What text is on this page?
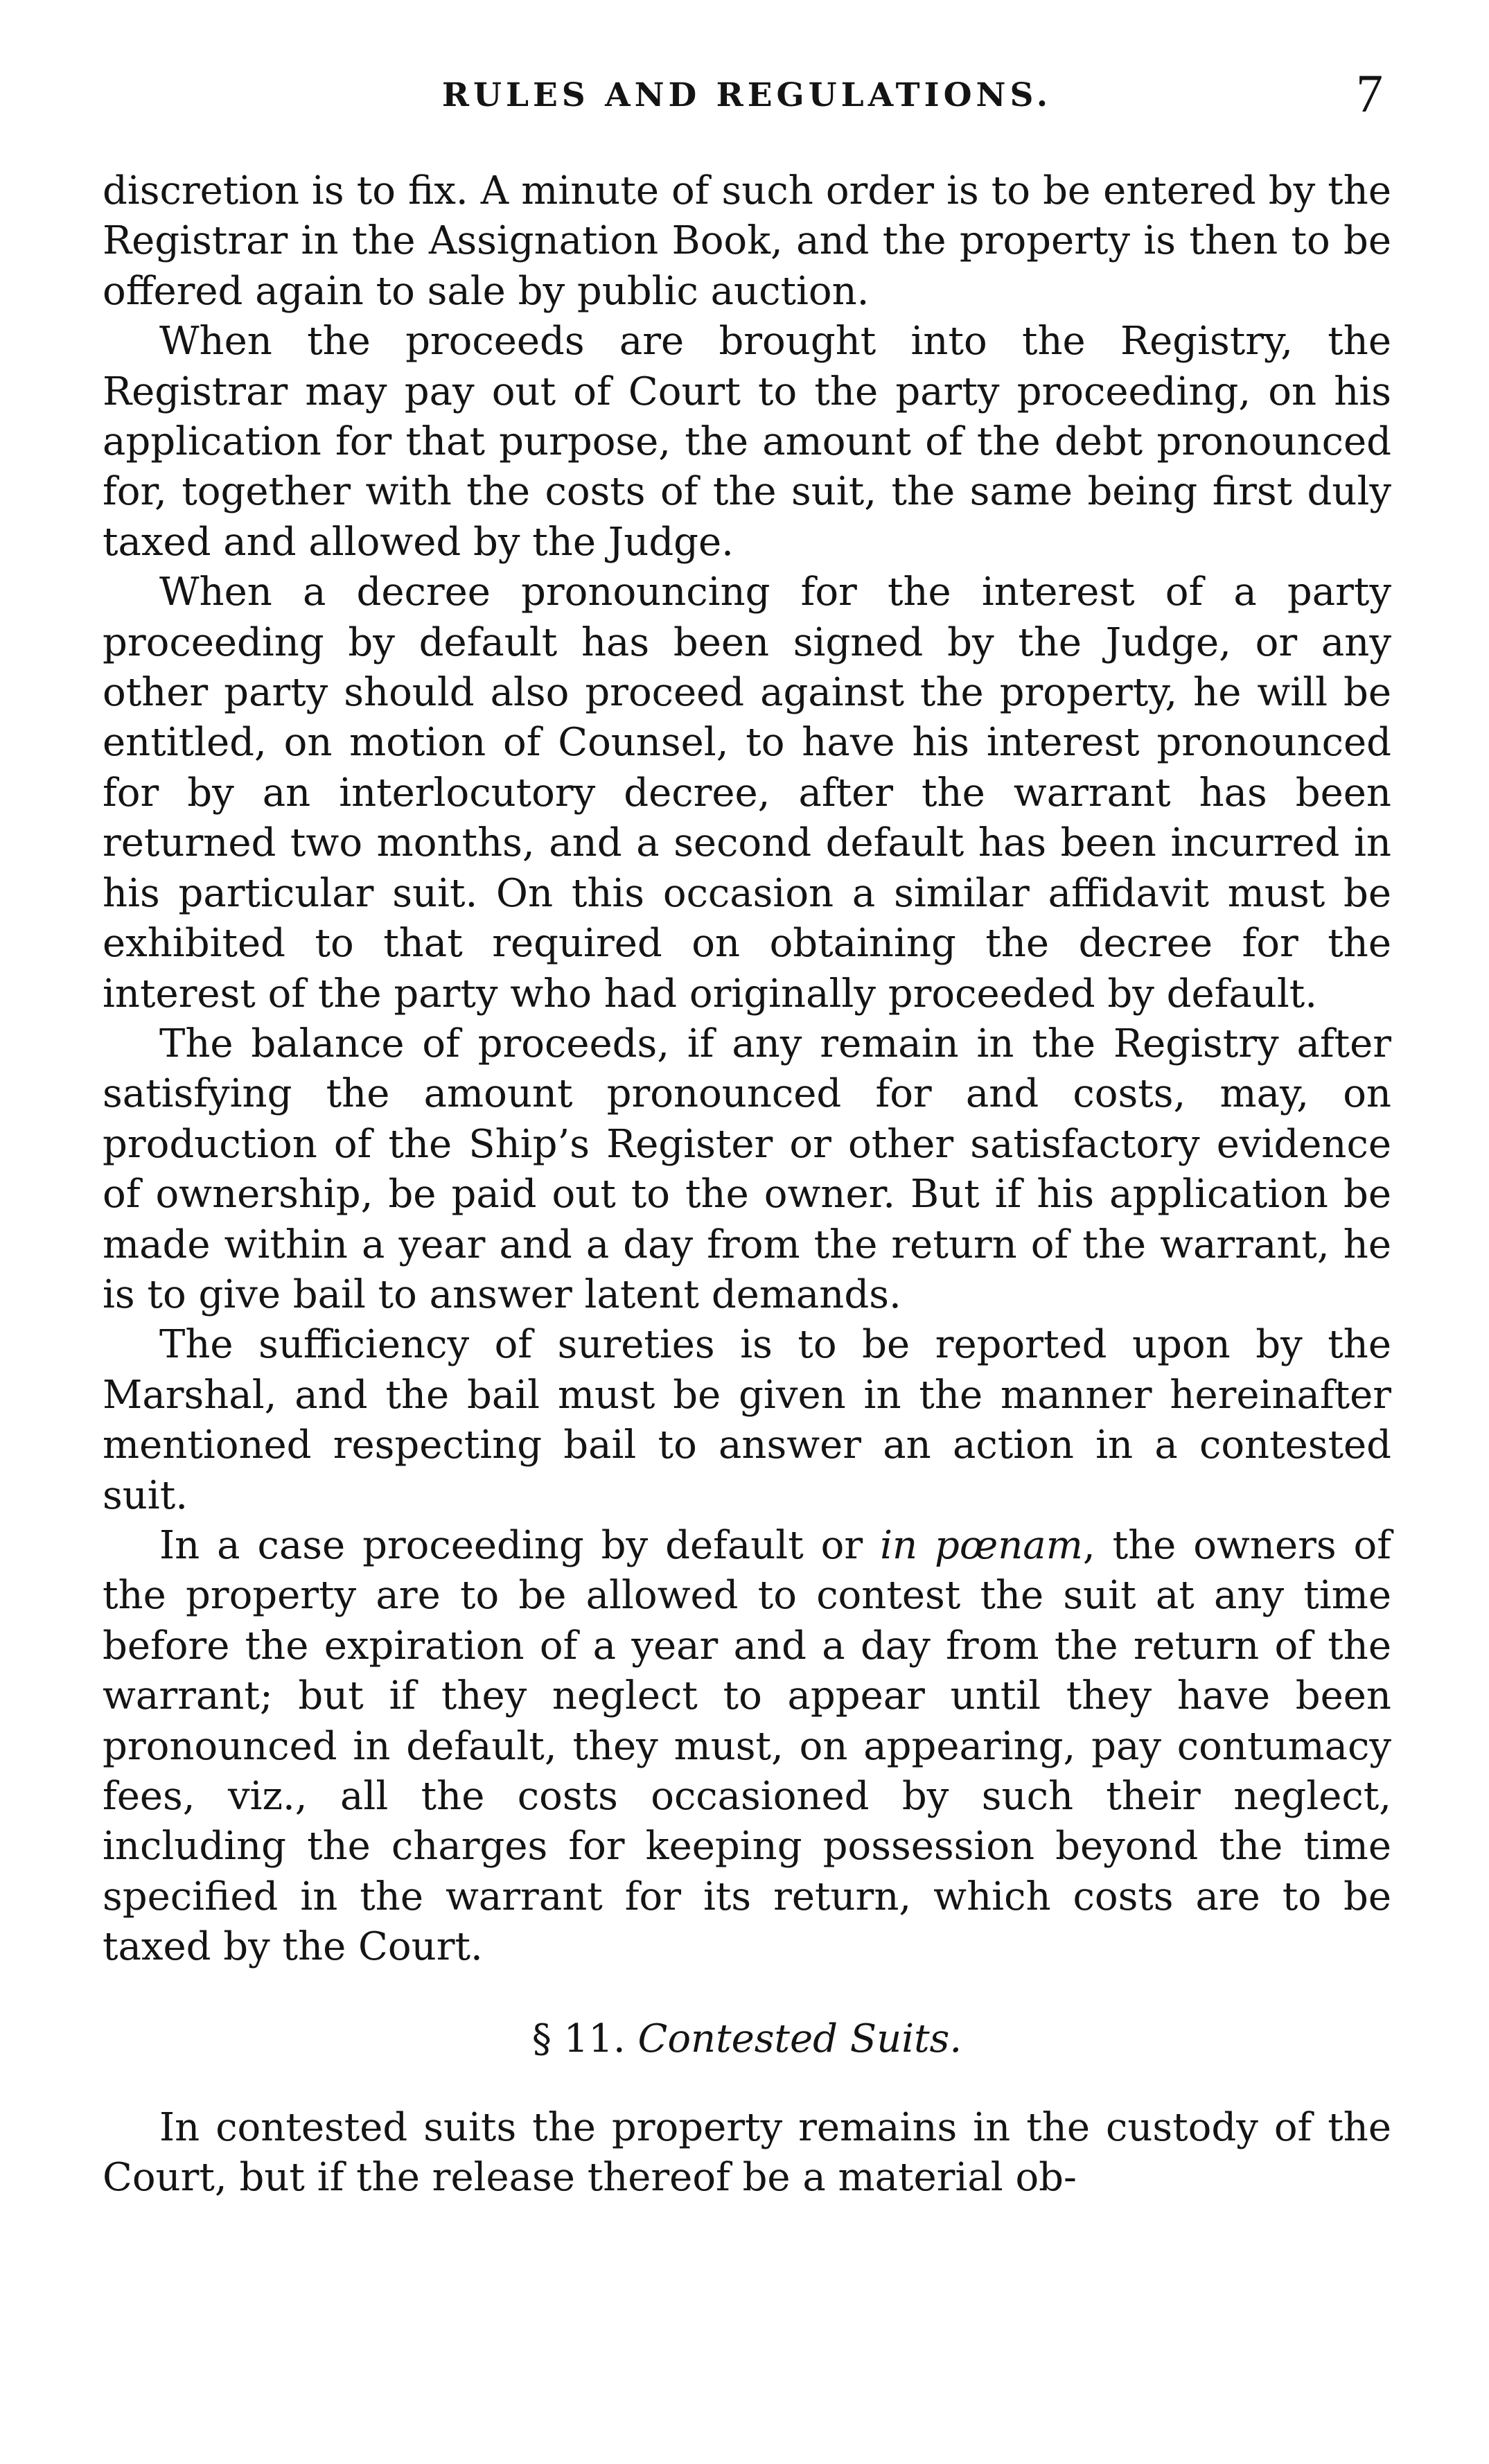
RULES AND REGULATIONS.	7

discretion is to fix. A minute of such order is to be entered by the Registrar in the Assignation Book, and the property is then to be offered again to sale by public auction.

When the proceeds are brought into the Registry, the Registrar may pay out of Court to the party proceeding, on his application for that purpose, the amount of the debt pronounced for, together with the costs of the suit, the same being first duly taxed and allowed by the Judge.

When a decree pronouncing for the interest of a party proceeding by default has been signed by the Judge, or any other party should also proceed against the property, he will be entitled, on motion of Counsel, to have his interest pronounced for by an interlocutory decree, after the warrant has been returned two months, and a second default has been incurred in his particular suit. On this occasion a similar affidavit must be exhibited to that required on obtaining the decree for the interest of the party who had originally proceeded by default.

The balance of proceeds, if any remain in the Registry after satisfying the amount pronounced for and costs, may, on production of the Ship’s Register or other satisfactory evidence of ownership, be paid out to the owner. But if his application be made within a year and a day from the return of the warrant, he is to give bail to answer latent demands.

The sufficiency of sureties is to be reported upon by the Marshal, and the bail must be given in the manner hereinafter mentioned respecting bail to answer an action in a contested suit.

In a case proceeding by default or in pœnam, the owners of the property are to be allowed to contest the suit at any time before the expiration of a year and a day from the return of the warrant; but if they neglect to appear until they have been pronounced in default, they must, on appearing, pay contumacy fees, viz., all the costs occasioned by such their neglect, including the charges for keeping possession beyond the time specified in the warrant for its return, which costs are to be taxed by the Court.

§ 11. Contested Suits.

In contested suits the property remains in the custody of the Court, but if the release thereof be a material ob-
